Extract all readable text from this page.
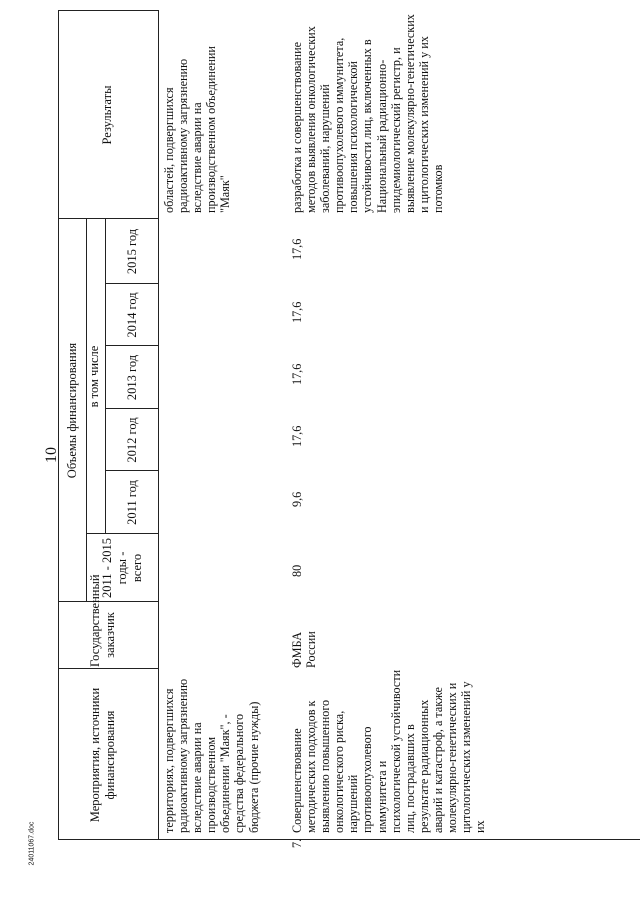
10
24011067.doc
Мероприятия, источники финансирования
Государственный заказчик
Объемы финансирования
2011 - 2015 годы - всего
в том числе
2011 год
2012 год
2013 год
2014 год
2015 год
Результаты
территориях, подвергшихся радиоактивному загрязнению вследствие аварии на производственном объединении "Маяк", - средства федерального бюджета (прочие нужды)
областей, подвергшихся радиоактивному загрязнению вследствие аварии на производственном объединении "Маяк"
7.
Совершенствование методических подходов к выявлению повышенного онкологического риска, нарушений противоопухолевого иммунитета и психологической устойчивости лиц, пострадавших в результате радиационных аварий и катастроф, а также молекулярно-генетических и цитологических изменений у их
ФМБА России
80
9,6
17,6
17,6
17,6
17,6
разработка и совершенствование методов выявления онкологических заболеваний, нарушений противоопухолевого иммунитета, повышения психологической устойчивости лиц, включенных в Национальный радиационно-эпидемиологический регистр, и выявление молекулярно-генетических и цитологических изменений у их потомков
